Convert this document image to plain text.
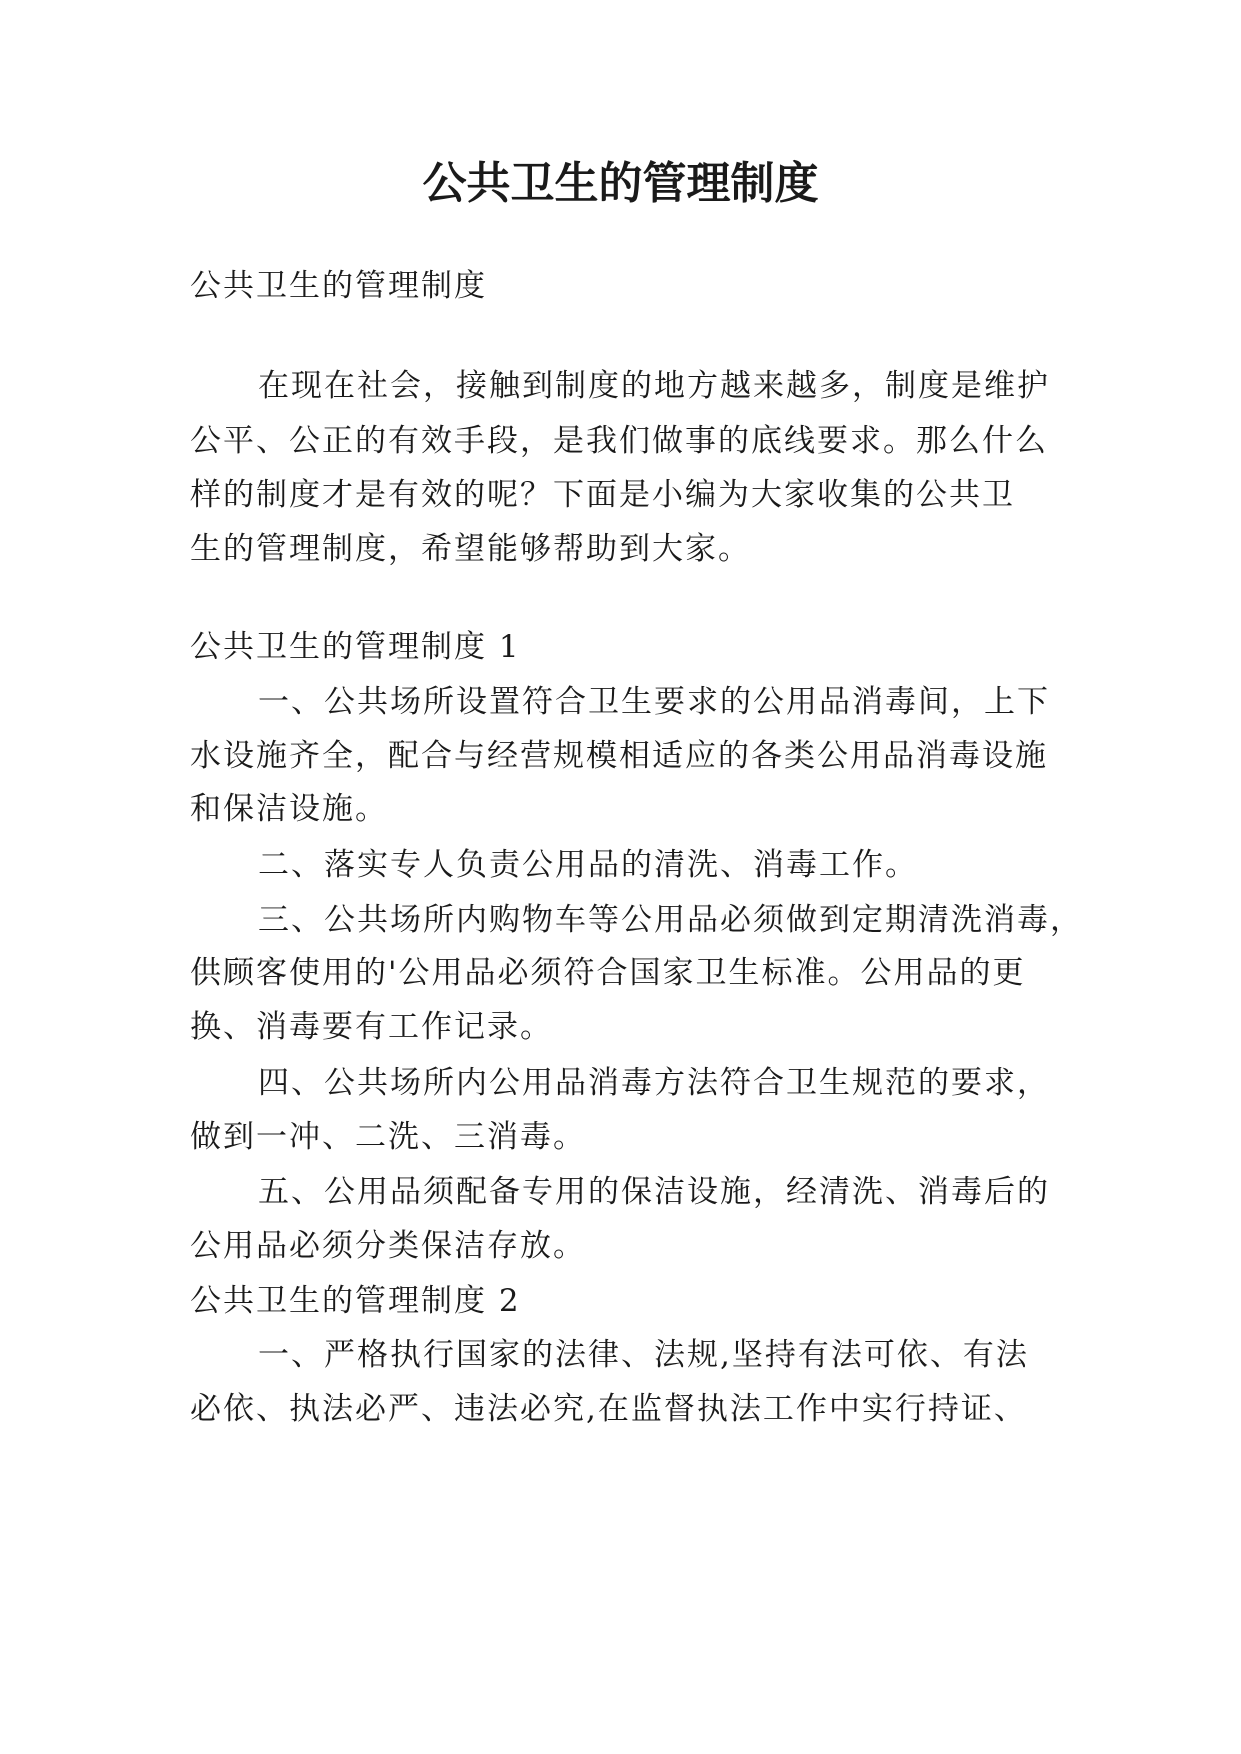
公共卫生的管理制度
公共卫生的管理制度
在现在社会，接触到制度的地方越来越多，制度是维护
公平、公正的有效手段，是我们做事的底线要求。那么什么
样的制度才是有效的呢？下面是小编为大家收集的公共卫
生的管理制度，希望能够帮助到大家。
公共卫生的管理制度 1
一、公共场所设置符合卫生要求的公用品消毒间，上下
水设施齐全，配合与经营规模相适应的各类公用品消毒设施
和保洁设施。
二、落实专人负责公用品的清洗、消毒工作。
三、公共场所内购物车等公用品必须做到定期清洗消毒，
供顾客使用的'公用品必须符合国家卫生标准。公用品的更
换、消毒要有工作记录。
四、公共场所内公用品消毒方法符合卫生规范的要求，
做到一冲、二洗、三消毒。
五、公用品须配备专用的保洁设施，经清洗、消毒后的
公用品必须分类保洁存放。
公共卫生的管理制度 2
一、严格执行国家的法律、法规,坚持有法可依、有法
必依、执法必严、违法必究,在监督执法工作中实行持证、
